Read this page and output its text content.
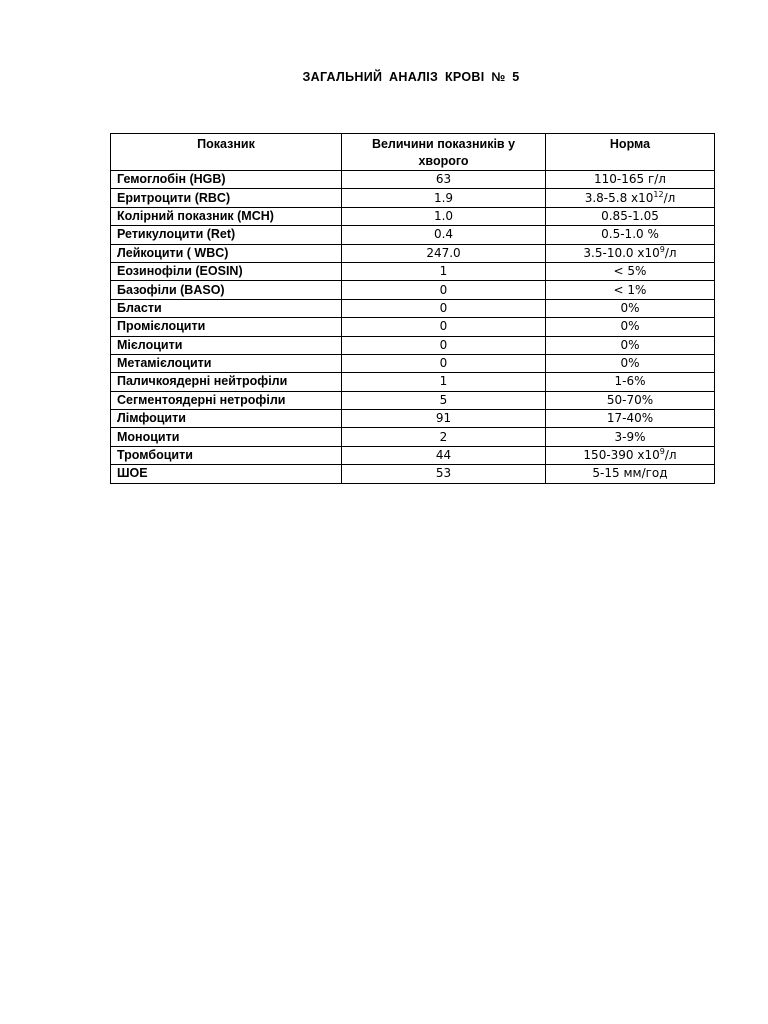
ЗАГАЛЬНИЙ АНАЛІЗ КРОВІ № 5
Показник	Величини показників у хворого	Норма
Гемоглобін (HGB)	63	110-165 г/л
Еритроцити (RBC)	1.9	3.8-5.8 $х10^{12}/л$
Колірний показник (MCH)	1.0	0.85-1.05
Ретикулоцити (Ret)	0.4	0.5-1.0 %
Лейкоцити ( WBC)	247.0	3.5-10.0 $х10^9/л$
Еозинофіли (EOSIN)	1	< 5%
Базофіли (BASO)	0	< 1%
Бласти	0	0%
Промієлоцити	0	0%
Мієлоцити	0	0%
Метамієлоцити	0	0%
Паличкоядерні нейтрофіли	1	1-6%
Сегментоядерні нетрофіли	5	50-70%
Лімфоцити	91	17-40%
Моноцити	2	3-9%
Тромбоцити	44	150-390 $х10^9/л$
ШОЕ	53	5-15 мм/год
